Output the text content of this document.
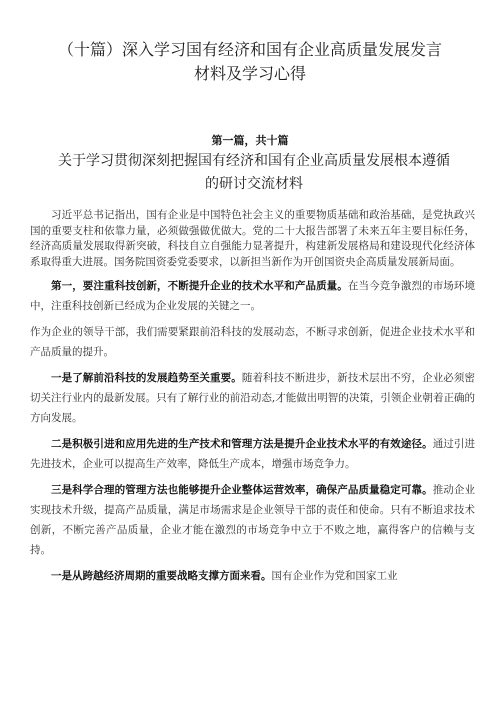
（十篇）深入学习国有经济和国有企业高质量发展发言
材料及学习心得
第一篇，共十篇
关于学习贯彻深刻把握国有经济和国有企业高质量发展根本遵循
的研讨交流材料

习近平总书记指出，国有企业是中国特色社会主义的重要物质基础和政治基础，是党执政兴国的重要支柱和依靠力量，必须做强做优做大。党的二十大报告部署了未来五年主要目标任务，经济高质量发展取得新突破，科技自立自强能力显著提升，构建新发展格局和建设现代化经济体系取得重大进展。国务院国资委党委要求，以新担当新作为开创国资央企高质量发展新局面。

第一，要注重科技创新，不断提升企业的技术水平和产品质量。在当今竞争激烈的市场环境中，注重科技创新已经成为企业发展的关键之一。

作为企业的领导干部，我们需要紧跟前沿科技的发展动态，不断寻求创新，促进企业技术水平和产品质量的提升。

一是了解前沿科技的发展趋势至关重要。随着科技不断进步，新技术层出不穷，企业必须密切关注行业内的最新发展。只有了解行业的前沿动态,才能做出明智的决策，引领企业朝着正确的方向发展。

二是积极引进和应用先进的生产技术和管理方法是提升企业技术水平的有效途径。通过引进先进技术，企业可以提高生产效率，降低生产成本，增强市场竞争力。

三是科学合理的管理方法也能够提升企业整体运营效率，确保产品质量稳定可靠。推动企业实现技术升级，提高产品质量，满足市场需求是企业领导干部的责任和使命。只有不断追求技术创新，不断完善产品质量，企业才能在激烈的市场竞争中立于不败之地，赢得客户的信赖与支持。

一是从跨越经济周期的重要战略支撑方面来看。国有企业作为党和国家工业
